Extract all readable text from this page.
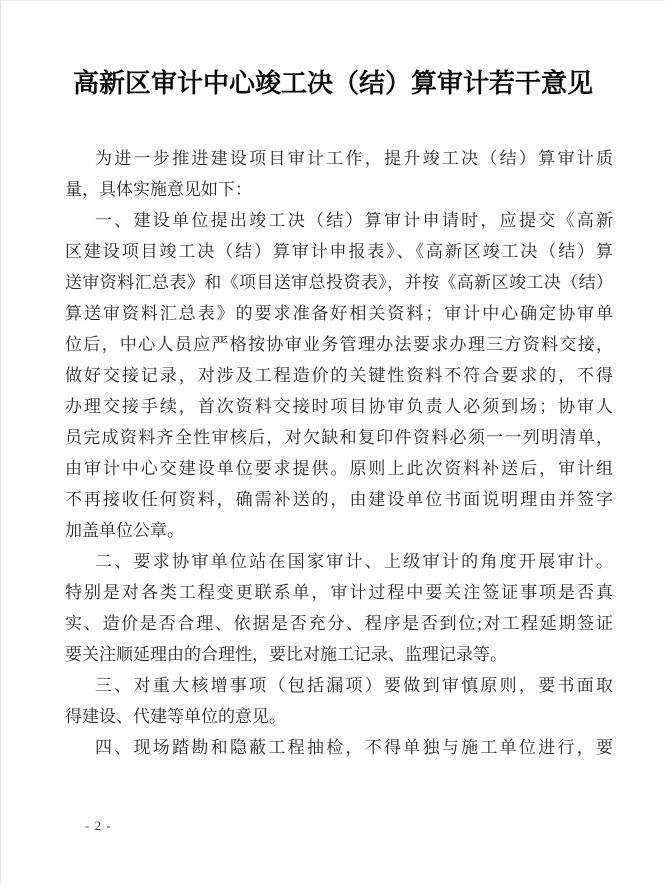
高新区审计中心竣工决（结）算审计若干意见
为进一步推进建设项目审计工作，提升竣工决（结）算审计质
量，具体实施意见如下：
一、建设单位提出竣工决（结）算审计申请时，应提交《高新
区建设项目竣工决（结）算审计申报表》、《高新区竣工决（结）算
送审资料汇总表》和《项目送审总投资表》，并按《高新区竣工决（结）
算送审资料汇总表》的要求准备好相关资料；审计中心确定协审单
位后，中心人员应严格按协审业务管理办法要求办理三方资料交接，
做好交接记录，对涉及工程造价的关键性资料不符合要求的，不得
办理交接手续，首次资料交接时项目协审负责人必须到场；协审人
员完成资料齐全性审核后，对欠缺和复印件资料必须一一列明清单，
由审计中心交建设单位要求提供。原则上此次资料补送后，审计组
不再接收任何资料，确需补送的，由建设单位书面说明理由并签字
加盖单位公章。
二、要求协审单位站在国家审计、上级审计的角度开展审计。
特别是对各类工程变更联系单，审计过程中要关注签证事项是否真
实、造价是否合理、依据是否充分、程序是否到位;对工程延期签证
要关注顺延理由的合理性，要比对施工记录、监理记录等。
三、对重大核增事项（包括漏项）要做到审慎原则，要书面取
得建设、代建等单位的意见。
四、现场踏勘和隐蔽工程抽检，不得单独与施工单位进行，要
- 2 -
